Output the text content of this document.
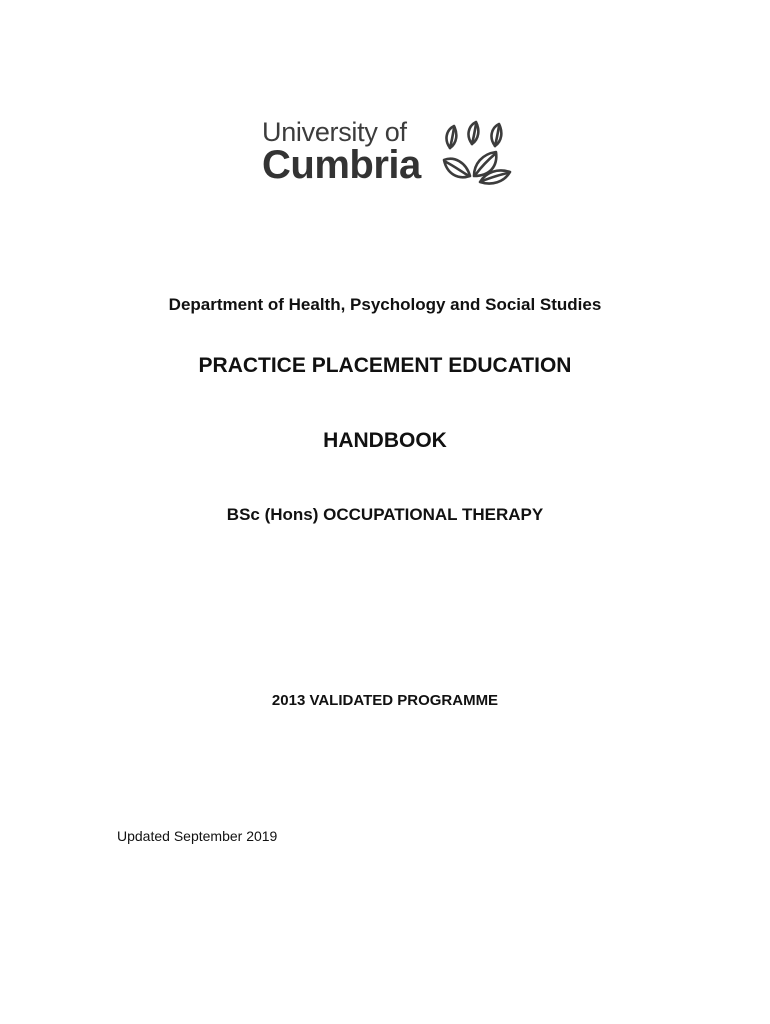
University of
Cumbria
Department of Health, Psychology and Social Studies
PRACTICE PLACEMENT EDUCATION
HANDBOOK
BSc (Hons) OCCUPATIONAL THERAPY
2013 VALIDATED PROGRAMME
Updated September 2019
